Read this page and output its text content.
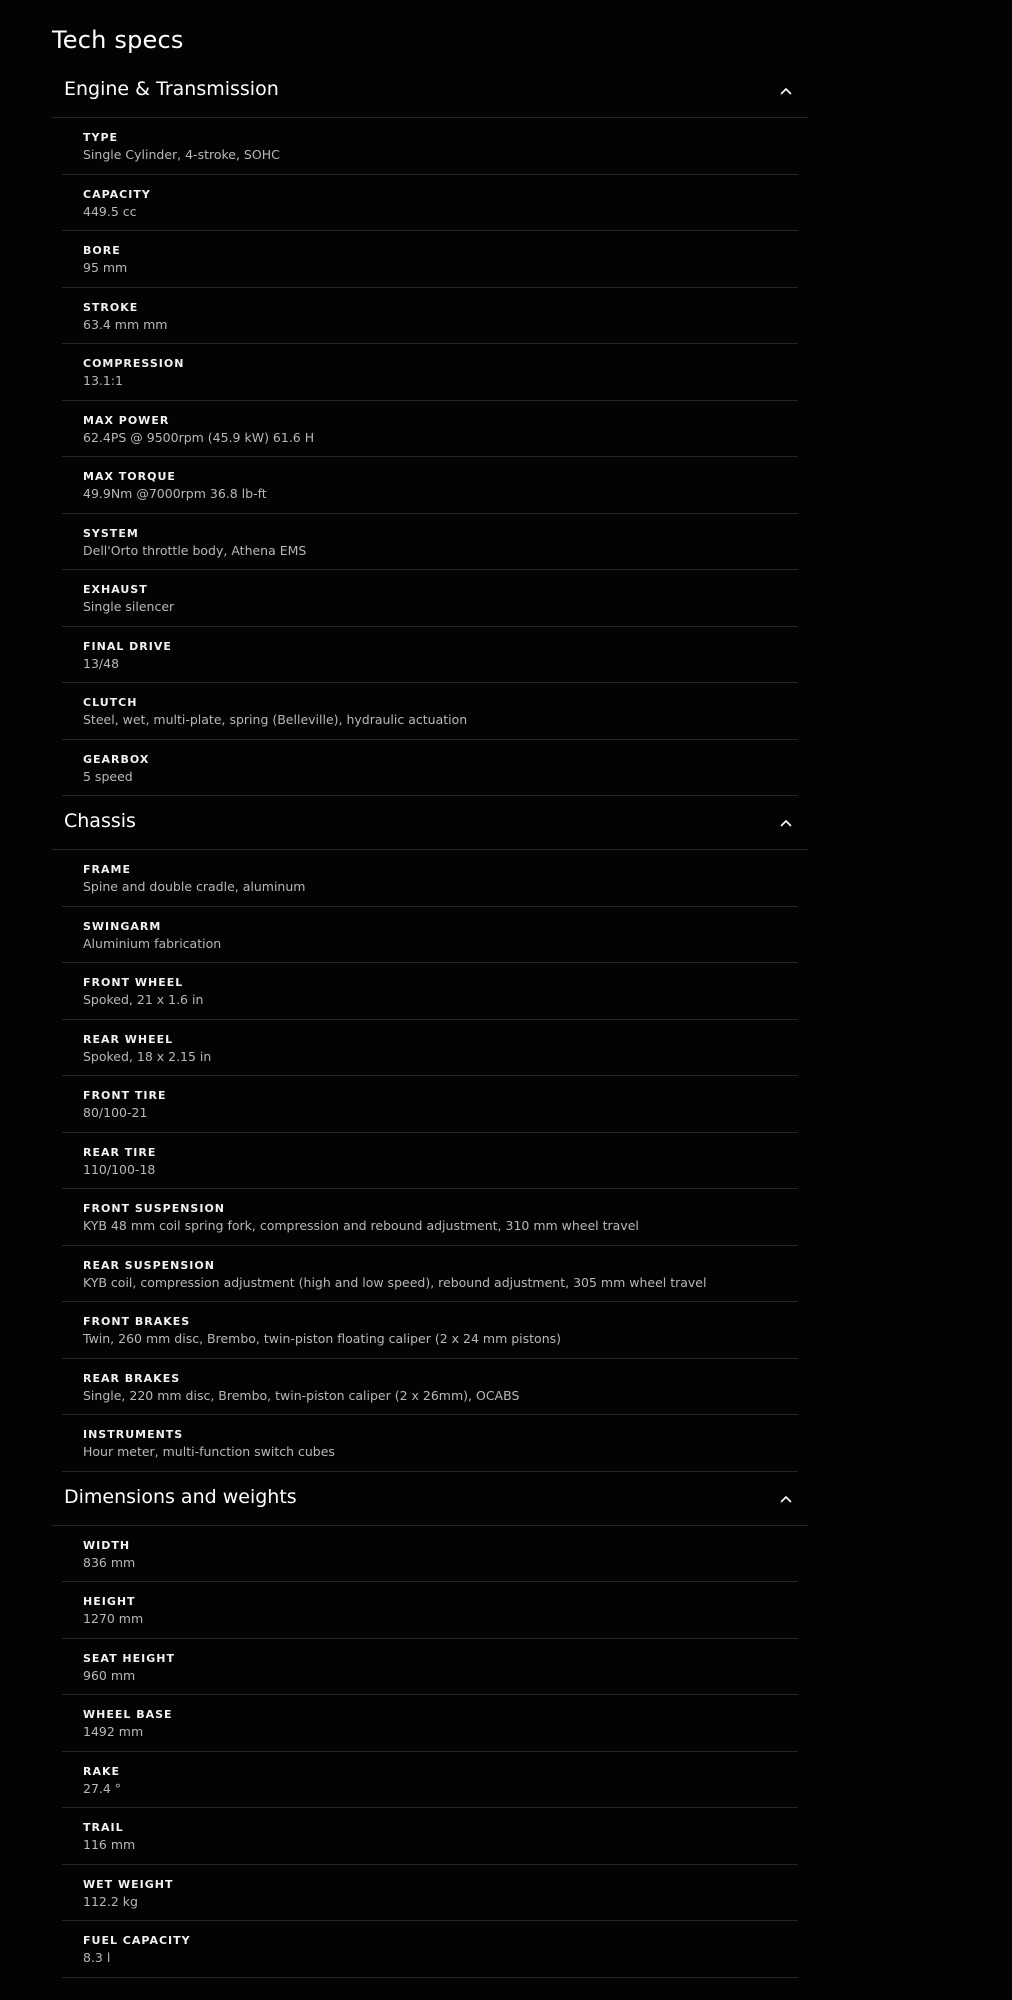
Tech specs
Engine & Transmission
TYPE
Single Cylinder, 4-stroke, SOHC
CAPACITY
449.5 cc
BORE
95 mm
STROKE
63.4 mm mm
COMPRESSION
13.1:1
MAX POWER
62.4PS @ 9500rpm (45.9 kW) 61.6 H
MAX TORQUE
49.9Nm @7000rpm 36.8 lb-ft
SYSTEM
Dell'Orto throttle body, Athena EMS
EXHAUST
Single silencer
FINAL DRIVE
13/48
CLUTCH
Steel, wet, multi-plate, spring (Belleville), hydraulic actuation
GEARBOX
5 speed
Chassis
FRAME
Spine and double cradle, aluminum
SWINGARM
Aluminium fabrication
FRONT WHEEL
Spoked, 21 x 1.6 in
REAR WHEEL
Spoked, 18 x 2.15 in
FRONT TIRE
80/100-21
REAR TIRE
110/100-18
FRONT SUSPENSION
KYB 48 mm coil spring fork, compression and rebound adjustment, 310 mm wheel travel
REAR SUSPENSION
KYB coil, compression adjustment (high and low speed), rebound adjustment, 305 mm wheel travel
FRONT BRAKES
Twin, 260 mm disc, Brembo, twin-piston floating caliper (2 x 24 mm pistons)
REAR BRAKES
Single, 220 mm disc, Brembo, twin-piston caliper (2 x 26mm), OCABS
INSTRUMENTS
Hour meter, multi-function switch cubes
Dimensions and weights
WIDTH
836 mm
HEIGHT
1270 mm
SEAT HEIGHT
960 mm
WHEEL BASE
1492 mm
RAKE
27.4 °
TRAIL
116 mm
WET WEIGHT
112.2 kg
FUEL CAPACITY
8.3 l
